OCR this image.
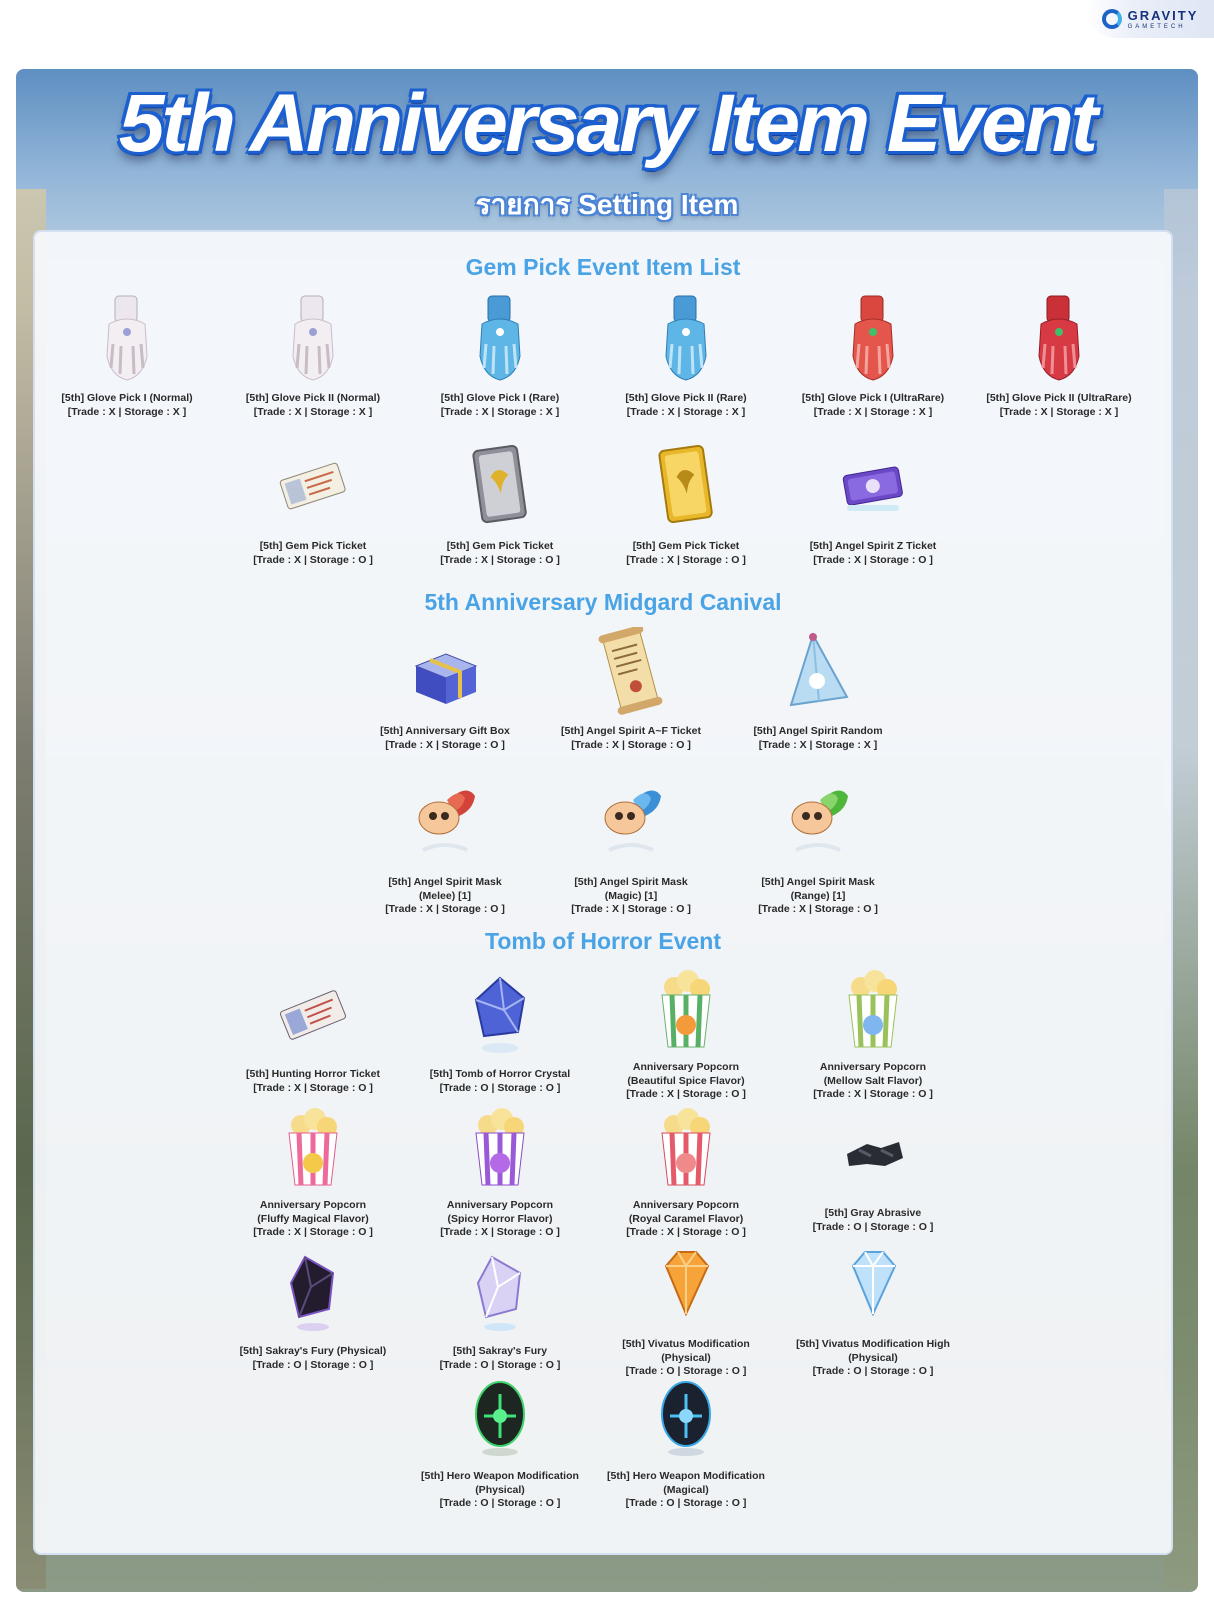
GRAVITY
GAMETECH
5th Anniversary Item Event
รายการ Setting Item
Gem Pick Event Item List
5th Anniversary Midgard Canival
Tomb of Horror Event
[5th] Glove Pick I (Normal)
[Trade : X | Storage : X ]
[5th] Glove Pick II (Normal)
[Trade : X | Storage : X ]
[5th] Glove Pick I (Rare)
[Trade : X | Storage : X ]
[5th] Glove Pick II (Rare)
[Trade : X | Storage : X ]
[5th] Glove Pick I (UltraRare)
[Trade : X | Storage : X ]
[5th] Glove Pick II (UltraRare)
[Trade : X | Storage : X ]
[5th] Gem Pick Ticket
[Trade : X | Storage : O ]
[5th] Gem Pick Ticket
[Trade : X | Storage : O ]
[5th] Gem Pick Ticket
[Trade : X | Storage : O ]
[5th] Angel Spirit Z Ticket
[Trade : X | Storage : O ]
[5th] Anniversary Gift Box
[Trade : X | Storage : O ]
[5th] Angel Spirit A~F Ticket
[Trade : X | Storage : O ]
[5th] Angel Spirit Random
[Trade : X | Storage : X ]
[5th] Angel Spirit Mask
(Melee) [1]
[Trade : X | Storage : O ]
[5th] Angel Spirit Mask
(Magic) [1]
[Trade : X | Storage : O ]
[5th] Angel Spirit Mask
(Range) [1]
[Trade : X | Storage : O ]
[5th] Hunting Horror Ticket
[Trade : X | Storage : O ]
[5th] Tomb of Horror Crystal
[Trade : O | Storage : O ]
Anniversary Popcorn
(Beautiful Spice Flavor)
[Trade : X | Storage : O ]
Anniversary Popcorn
(Mellow Salt Flavor)
[Trade : X | Storage : O ]
Anniversary Popcorn
(Fluffy Magical Flavor)
[Trade : X | Storage : O ]
Anniversary Popcorn
(Spicy Horror Flavor)
[Trade : X | Storage : O ]
Anniversary Popcorn
(Royal Caramel Flavor)
[Trade : X | Storage : O ]
[5th] Gray Abrasive
[Trade : O | Storage : O ]
[5th] Sakray's Fury (Physical)
[Trade : O | Storage : O ]
[5th] Sakray's Fury
[Trade : O | Storage : O ]
[5th] Vivatus Modification
(Physical)
[Trade : O | Storage : O ]
[5th] Vivatus Modification High
(Physical)
[Trade : O | Storage : O ]
[5th] Hero Weapon Modification
(Physical)
[Trade : O | Storage : O ]
[5th] Hero Weapon Modification
(Magical)
[Trade : O | Storage : O ]
